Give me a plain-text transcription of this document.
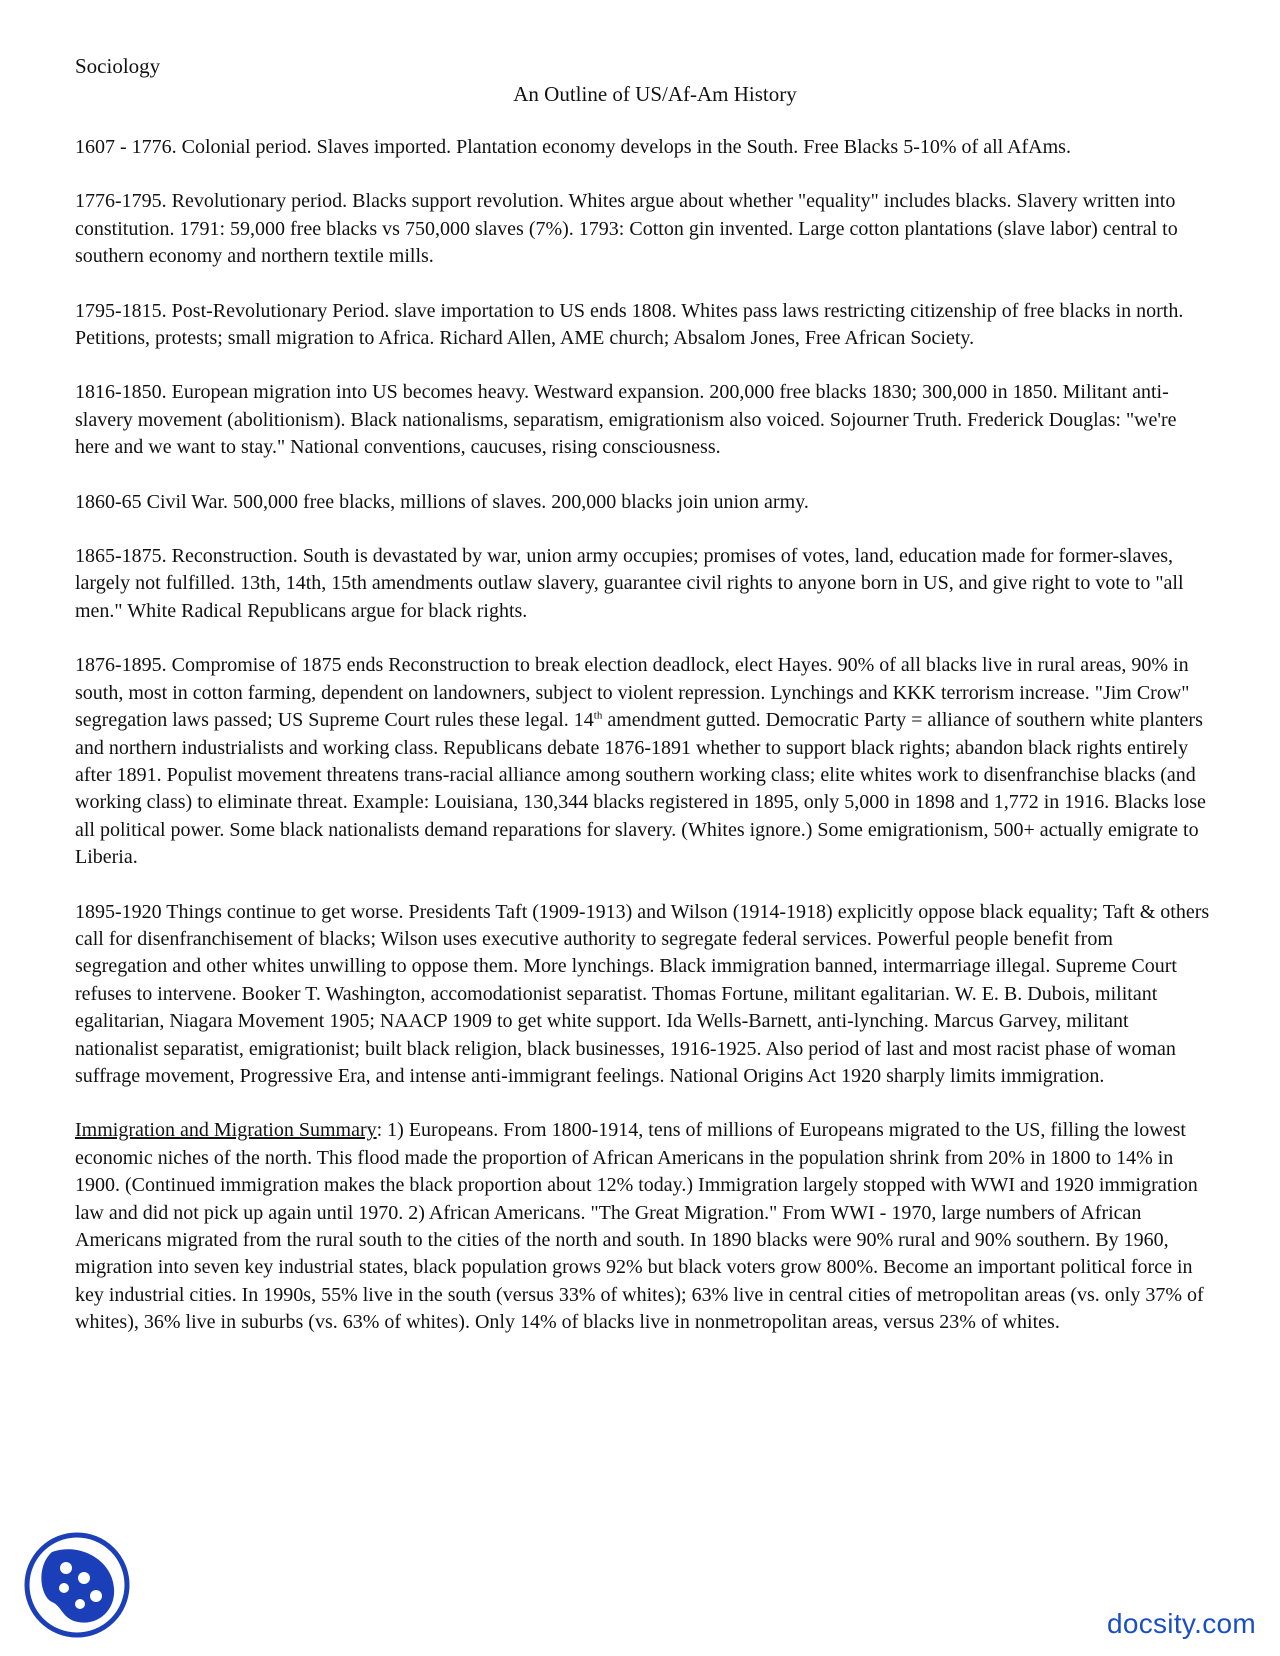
Sociology

An Outline of US/Af-Am History

1607 - 1776. Colonial period. Slaves imported. Plantation economy develops in the South. Free Blacks 5-10% of all AfAms.

1776-1795. Revolutionary period. Blacks support revolution. Whites argue about whether "equality" includes blacks. Slavery written into constitution. 1791: 59,000 free blacks vs 750,000 slaves (7%). 1793: Cotton gin invented. Large cotton plantations (slave labor) central to southern economy and northern textile mills.

1795-1815. Post-Revolutionary Period. slave importation to US ends 1808. Whites pass laws restricting citizenship of free blacks in north. Petitions, protests; small migration to Africa. Richard Allen, AME church; Absalom Jones, Free African Society.

1816-1850. European migration into US becomes heavy. Westward expansion. 200,000 free blacks 1830; 300,000 in 1850. Militant anti-slavery movement (abolitionism). Black nationalisms, separatism, emigrationism also voiced. Sojourner Truth. Frederick Douglas: "we're here and we want to stay." National conventions, caucuses, rising consciousness.

1860-65 Civil War. 500,000 free blacks, millions of slaves. 200,000 blacks join union army.

1865-1875. Reconstruction. South is devastated by war, union army occupies; promises of votes, land, education made for former-slaves, largely not fulfilled. 13th, 14th, 15th amendments outlaw slavery, guarantee civil rights to anyone born in US, and give right to vote to "all men." White Radical Republicans argue for black rights.

1876-1895. Compromise of 1875 ends Reconstruction to break election deadlock, elect Hayes. 90% of all blacks live in rural areas, 90% in south, most in cotton farming, dependent on landowners, subject to violent repression. Lynchings and KKK terrorism increase. "Jim Crow" segregation laws passed; US Supreme Court rules these legal. 14th amendment gutted. Democratic Party = alliance of southern white planters and northern industrialists and working class. Republicans debate 1876-1891 whether to support black rights; abandon black rights entirely after 1891. Populist movement threatens trans-racial alliance among southern working class; elite whites work to disenfranchise blacks (and working class) to eliminate threat. Example: Louisiana, 130,344 blacks registered in 1895, only 5,000 in 1898 and 1,772 in 1916. Blacks lose all political power. Some black nationalists demand reparations for slavery. (Whites ignore.) Some emigrationism, 500+ actually emigrate to Liberia.

1895-1920 Things continue to get worse. Presidents Taft (1909-1913) and Wilson (1914-1918) explicitly oppose black equality; Taft & others call for disenfranchisement of blacks; Wilson uses executive authority to segregate federal services. Powerful people benefit from segregation and other whites unwilling to oppose them. More lynchings. Black immigration banned, intermarriage illegal. Supreme Court refuses to intervene. Booker T. Washington, accomodationist separatist. Thomas Fortune, militant egalitarian. W. E. B. Dubois, militant egalitarian, Niagara Movement 1905; NAACP 1909 to get white support. Ida Wells-Barnett, anti-lynching. Marcus Garvey, militant nationalist separatist, emigrationist; built black religion, black businesses, 1916-1925. Also period of last and most racist phase of woman suffrage movement, Progressive Era, and intense anti-immigrant feelings. National Origins Act 1920 sharply limits immigration.

Immigration and Migration Summary: 1) Europeans. From 1800-1914, tens of millions of Europeans migrated to the US, filling the lowest economic niches of the north. This flood made the proportion of African Americans in the population shrink from 20% in 1800 to 14% in 1900. (Continued immigration makes the black proportion about 12% today.) Immigration largely stopped with WWI and 1920 immigration law and did not pick up again until 1970. 2) African Americans. "The Great Migration." From WWI - 1970, large numbers of African Americans migrated from the rural south to the cities of the north and south. In 1890 blacks were 90% rural and 90% southern. By 1960, migration into seven key industrial states, black population grows 92% but black voters grow 800%. Become an important political force in key industrial cities. In 1990s, 55% live in the south (versus 33% of whites); 63% live in central cities of metropolitan areas (vs. only 37% of whites), 36% live in suburbs (vs. 63% of whites). Only 14% of blacks live in nonmetropolitan areas, versus 23% of whites.

docsity.com
